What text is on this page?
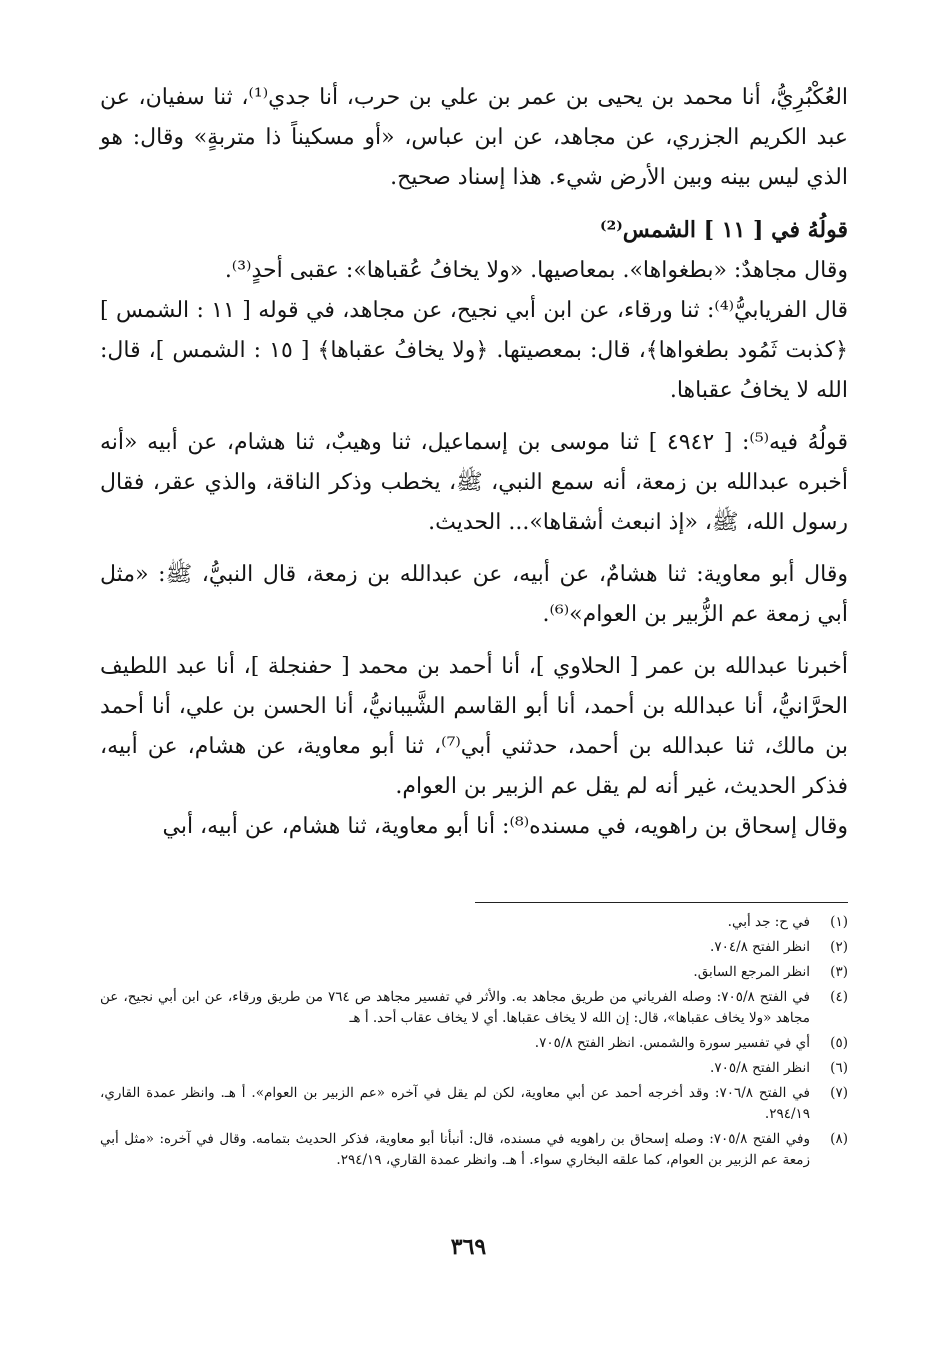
العُكْبُرِيُّ، أنا محمد بن يحيى بن عمر بن علي بن حرب، أنا جدي⁽¹⁾، ثنا سفيان، عن عبد الكريم الجزري، عن مجاهد، عن ابن عباس، «أو مسكيناً ذا متربةٍ» وقال: هو الذي ليس بينه وبين الأرض شيء. هذا إسناد صحيح.

قولُهُ في [ ١١ ] الشمس⁽²⁾

وقال مجاهدٌ: «بطغواها». بمعاصيها. «ولا يخافُ عُقباها»: عقبى أحدٍ⁽³⁾.

قال الفريابيُّ⁽⁴⁾: ثنا ورقاء، عن ابن أبي نجيح، عن مجاهد، في قوله [ ١١ : الشمس ] ﴿كذبت ثَمُود بطغواها﴾، قال: بمعصيتها. ﴿ولا يخافُ عقباها﴾ [ ١٥ : الشمس ]، قال: الله لا يخافُ عقباها.

قولُهُ فيه⁽⁵⁾: [ ٤٩٤٢ ] ثنا موسى بن إسماعيل، ثنا وهيبٌ، ثنا هشام، عن أبيه «أنه أخبره عبدالله بن زمعة، أنه سمع النبي، ﷺ، يخطب وذكر الناقة، والذي عقر، فقال رسول الله، ﷺ، «إذ انبعث أشقاها»... الحديث.

وقال أبو معاوية: ثنا هشامٌ، عن أبيه، عن عبدالله بن زمعة، قال النبيُّ، ﷺ: «مثل أبي زمعة عم الزُّبير بن العوام»⁽⁶⁾.

أخبرنا عبدالله بن عمر [ الحلاوي ]، أنا أحمد بن محمد [ حفنجلة ]، أنا عبد اللطيف الحرَّانيُّ، أنا عبدالله بن أحمد، أنا أبو القاسم الشَّيبانيُّ، أنا الحسن بن علي، أنا أحمد بن مالك، ثنا عبدالله بن أحمد، حدثني أبي⁽⁷⁾، ثنا أبو معاوية، عن هشام، عن أبيه، فذكر الحديث، غير أنه لم يقل عم الزبير بن العوام.

وقال إسحاق بن راهويه، في مسنده⁽⁸⁾: أنا أبو معاوية، ثنا هشام، عن أبيه، أبي

(١)
في ح: جد أبي.
(٢)
انظر الفتح ٧٠٤/٨.
(٣)
انظر المرجع السابق.
(٤)
في الفتح ٧٠٥/٨: وصله الفرياني من طريق مجاهد به. والأثر في تفسير مجاهد ص ٧٦٤ من طريق ورقاء، عن ابن أبي نجيح، عن مجاهد «ولا يخاف عقباها»، قال: إن الله لا يخاف عقباها. أي لا يخاف عقاب أحد. أ هـ
(٥)
أي في تفسير سورة والشمس. انظر الفتح ٧٠٥/٨.
(٦)
انظر الفتح ٧٠٥/٨.
(٧)
في الفتح ٧٠٦/٨: وقد أخرجه أحمد عن أبي معاوية، لكن لم يقل في آخره «عم الزبير بن العوام». أ هـ. وانظر عمدة القاري، ٢٩٤/١٩.
(٨)
وفي الفتح ٧٠٥/٨: وصله إسحاق بن راهويه في مسنده، قال: أنبأنا أبو معاوية، فذكر الحديث بتمامه. وقال في آخره: «مثل أبي زمعة عم الزبير بن العوام، كما علقه البخاري سواء. أ هـ. وانظر عمدة القاري، ٢٩٤/١٩.
٣٦٩
